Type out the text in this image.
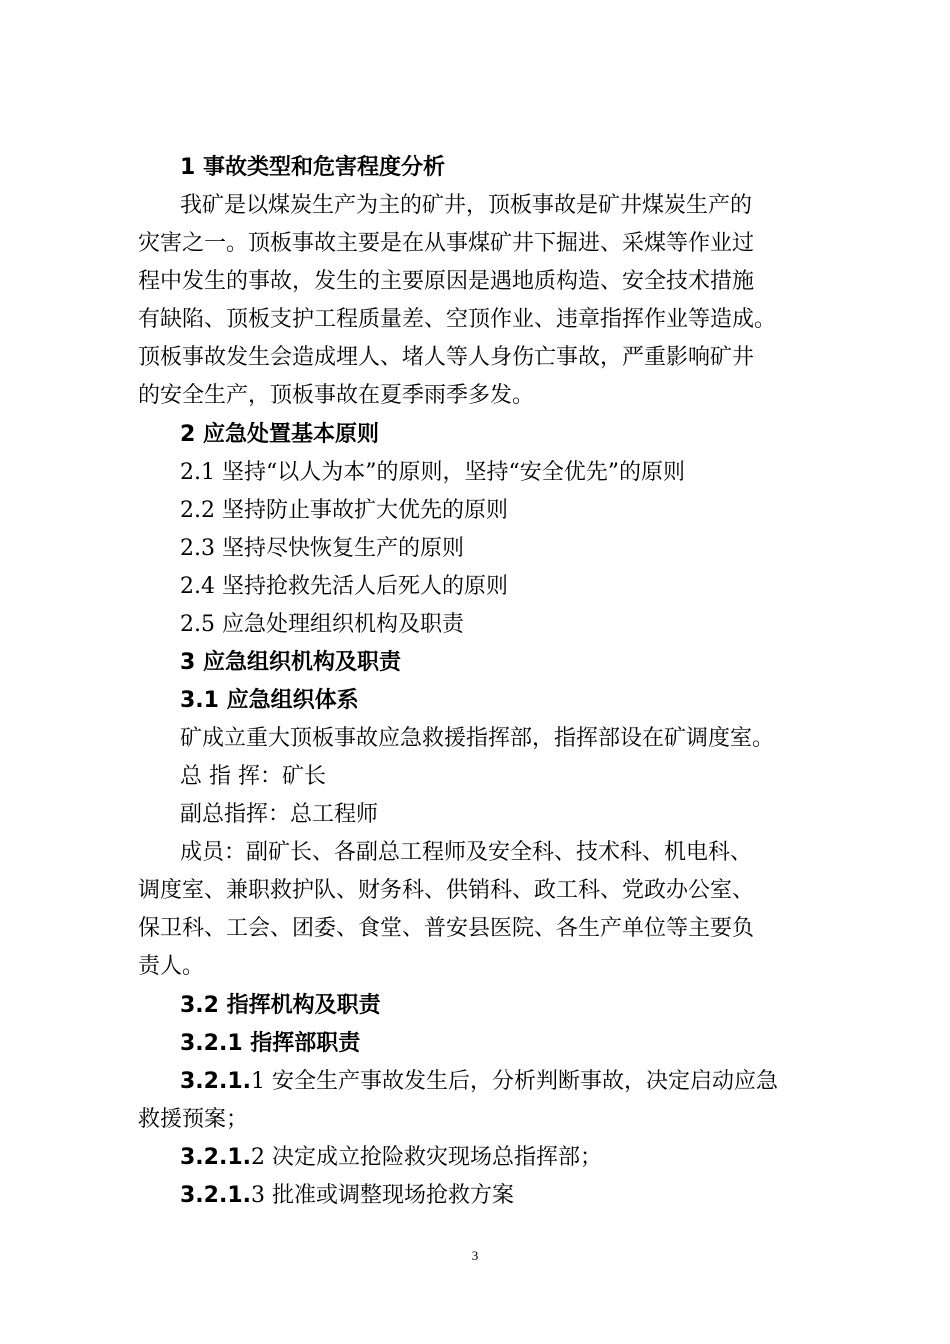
1 事故类型和危害程度分析
我矿是以煤炭生产为主的矿井，顶板事故是矿井煤炭生产的
灾害之一。顶板事故主要是在从事煤矿井下掘进、采煤等作业过
程中发生的事故，发生的主要原因是遇地质构造、安全技术措施
有缺陷、顶板支护工程质量差、空顶作业、违章指挥作业等造成。
顶板事故发生会造成埋人、堵人等人身伤亡事故，严重影响矿井
的安全生产，顶板事故在夏季雨季多发。
2 应急处置基本原则
2.1 坚持“以人为本”的原则，坚持“安全优先”的原则
2.2 坚持防止事故扩大优先的原则
2.3 坚持尽快恢复生产的原则
2.4 坚持抢救先活人后死人的原则
2.5 应急处理组织机构及职责
3 应急组织机构及职责
3.1 应急组织体系
矿成立重大顶板事故应急救援指挥部，指挥部设在矿调度室。
总 指 挥：矿长
副总指挥：总工程师
成员：副矿长、各副总工程师及安全科、技术科、机电科、
调度室、兼职救护队、财务科、供销科、政工科、党政办公室、
保卫科、工会、团委、食堂、普安县医院、各生产单位等主要负
责人。
3.2 指挥机构及职责
3.2.1 指挥部职责
3.2.1.1 安全生产事故发生后，分析判断事故，决定启动应急
救援预案；
3.2.1.2 决定成立抢险救灾现场总指挥部；
3.2.1.3 批准或调整现场抢救方案
3
